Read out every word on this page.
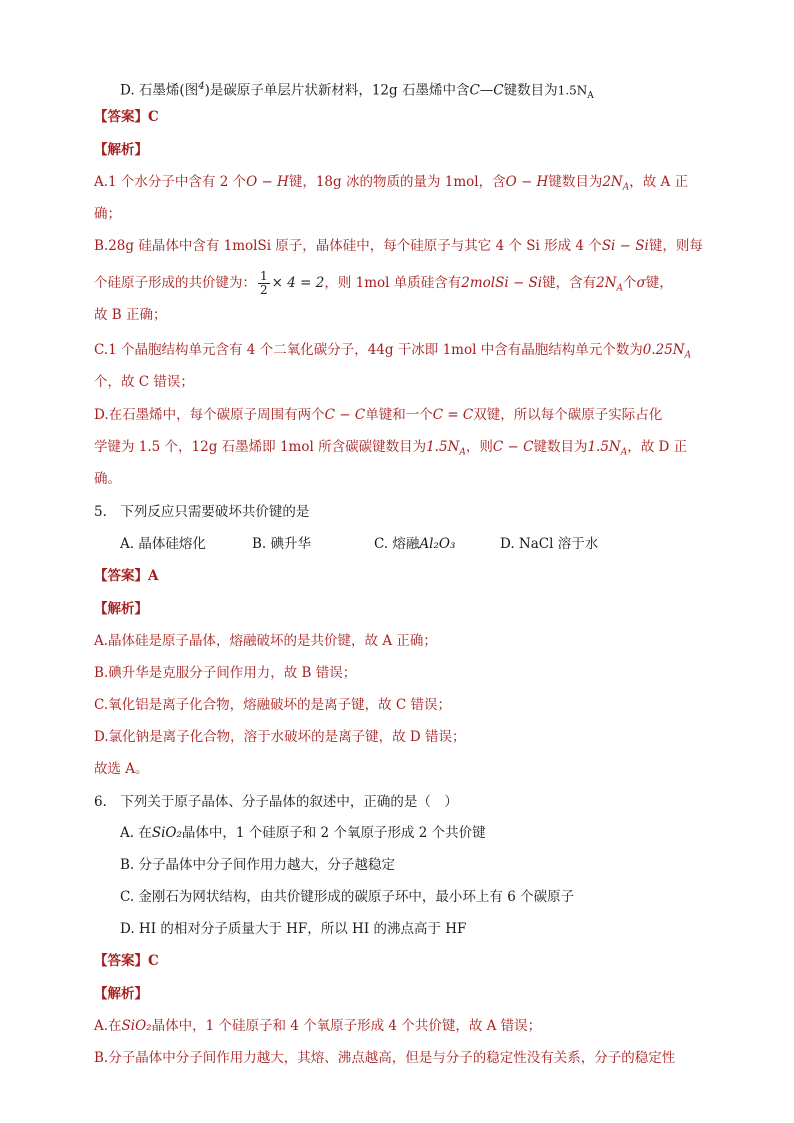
D. 石墨烯(图$^4$)是碳原子单层片状新材料，12g 石墨烯中含C—C键数目为$1.5N_A$
【答案】C
【解析】
A.1 个水分子中含有 2 个O − H键，18g 冰的物质的量为 1mol，含O − H键数目为$2N_A$，故 A 正
确；
B.28g 硅晶体中含有 1molSi 原子，晶体硅中，每个硅原子与其它 4 个 Si 形成 4 个Si − Si键，则每
个硅原子形成的共价键为： $\frac{1}{2} \times 4 = 2$，则 1mol 单质硅含有2molSi − Si键，含有$2N_A$个σ键，
故 B 正确；
C.1 个晶胞结构单元含有 4 个二氧化碳分子，44g 干冰即 1mol 中含有晶胞结构单元个数为$0.25N_A$
个，故 C 错误；
D.在石墨烯中，每个碳原子周围有两个C − C单键和一个C = C双键，所以每个碳原子实际占化
学键为 1.5 个，12g 石墨烯即 1mol 所含碳碳键数目为$1.5N_A$，则C − C键数目为$1.5N_A$，故 D 正
确。
5.　下列反应只需要破坏共价键的是
A. 晶体硅熔化	B. 碘升华	C. 熔融Al₂O₃	D. NaCl 溶于水
【答案】A
【解析】
A.晶体硅是原子晶体，熔融破坏的是共价键，故 A 正确；
B.碘升华是克服分子间作用力，故 B 错误；
C.氧化铝是离子化合物，熔融破坏的是离子键，故 C 错误；
D.氯化钠是离子化合物，溶于水破坏的是离子键，故 D 错误；
故选 A。
6.　下列关于原子晶体、分子晶体的叙述中，正确的是（　）
A. 在SiO₂晶体中，1 个硅原子和 2 个氧原子形成 2 个共价键
B. 分子晶体中分子间作用力越大，分子越稳定
C. 金刚石为网状结构，由共价键形成的碳原子环中，最小环上有 6 个碳原子
D. HI 的相对分子质量大于 HF，所以 HI 的沸点高于 HF
【答案】C
【解析】
A.在SiO₂晶体中，1 个硅原子和 4 个氧原子形成 4 个共价键，故 A 错误；
B.分子晶体中分子间作用力越大，其熔、沸点越高，但是与分子的稳定性没有关系，分子的稳定性
